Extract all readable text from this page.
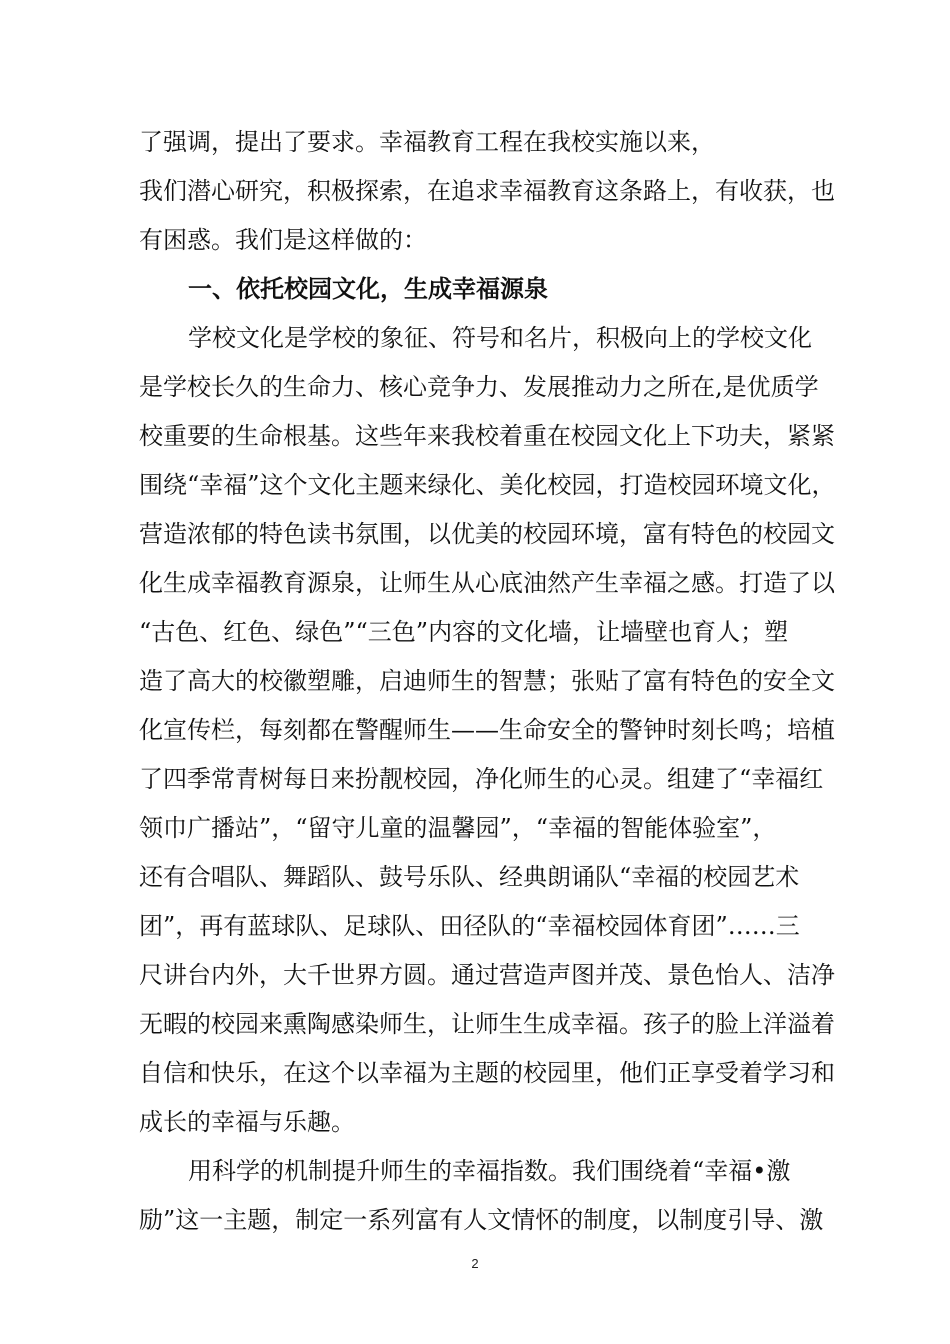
了强调，提出了要求。幸福教育工程在我校实施以来，
我们潜心研究，积极探索，在追求幸福教育这条路上，有收获，也
有困惑。我们是这样做的：
一、依托校园文化，生成幸福源泉
学校文化是学校的象征、符号和名片，积极向上的学校文化
是学校长久的生命力、核心竞争力、发展推动力之所在,是优质学
校重要的生命根基。这些年来我校着重在校园文化上下功夫，紧紧
围绕“幸福”这个文化主题来绿化、美化校园，打造校园环境文化，
营造浓郁的特色读书氛围，以优美的校园环境，富有特色的校园文
化生成幸福教育源泉，让师生从心底油然产生幸福之感。打造了以
“古色、红色、绿色”“三色”内容的文化墙，让墙壁也育人；塑
造了高大的校徽塑雕，启迪师生的智慧；张贴了富有特色的安全文
化宣传栏，每刻都在警醒师生——生命安全的警钟时刻长鸣；培植
了四季常青树每日来扮靓校园，净化师生的心灵。组建了“幸福红
领巾广播站”，“留守儿童的温馨园”，“幸福的智能体验室”，
还有合唱队、舞蹈队、鼓号乐队、经典朗诵队“幸福的校园艺术
团”，再有蓝球队、足球队、田径队的“幸福校园体育团”……三
尺讲台内外，大千世界方圆。通过营造声图并茂、景色怡人、洁净
无暇的校园来熏陶感染师生，让师生生成幸福。孩子的脸上洋溢着
自信和快乐，在这个以幸福为主题的校园里，他们正享受着学习和
成长的幸福与乐趣。
用科学的机制提升师生的幸福指数。我们围绕着“幸福•激
励”这一主题，制定一系列富有人文情怀的制度，以制度引导、激
2
